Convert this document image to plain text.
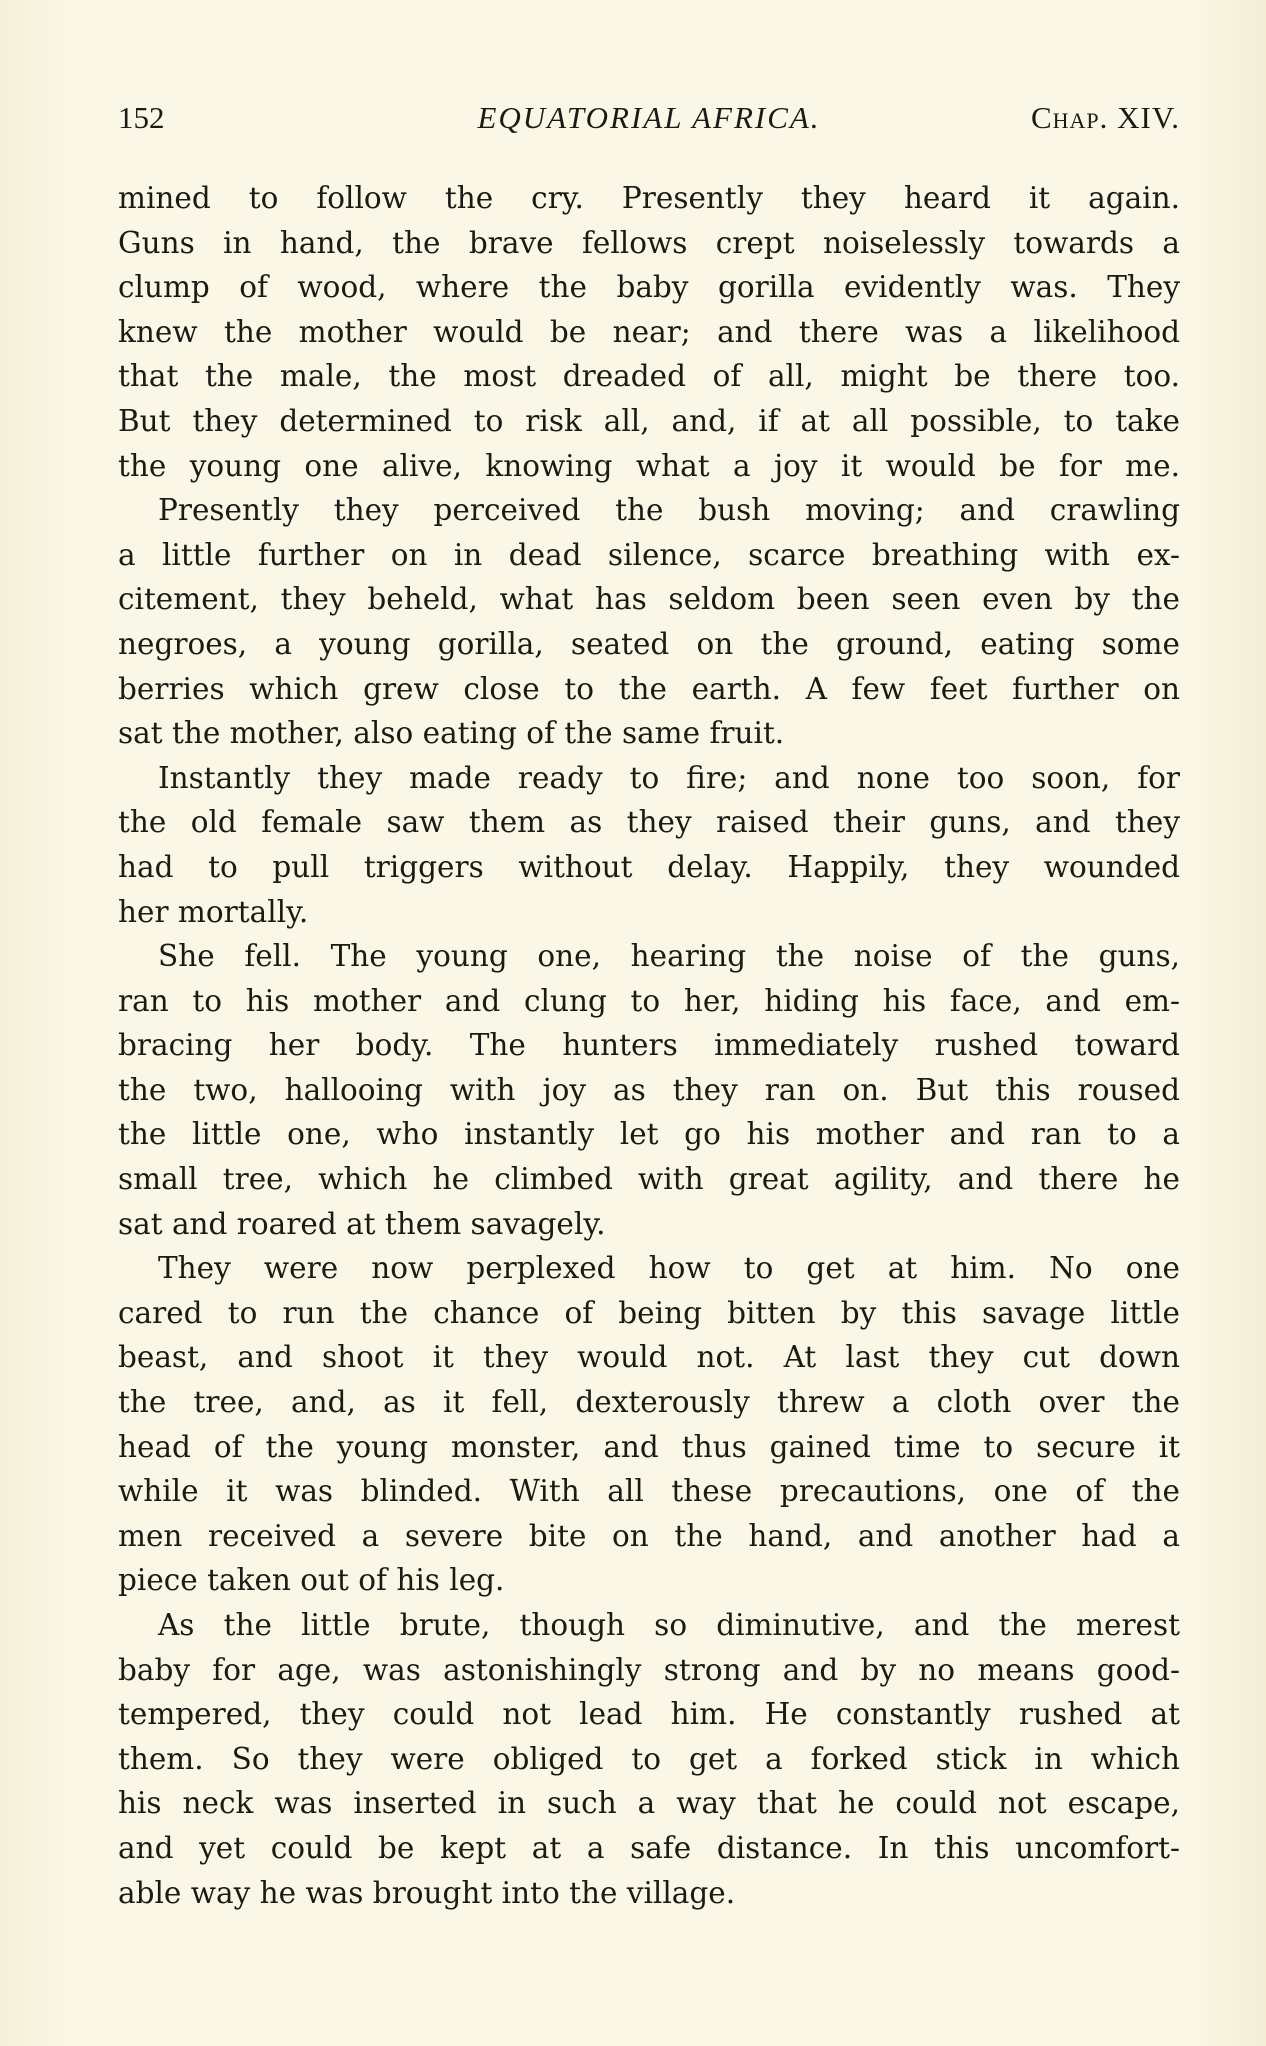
152	EQUATORIAL AFRICA.	Chap. XIV.
mined to follow the cry. Presently they heard it again.
Guns in hand, the brave fellows crept noiselessly towards a
clump of wood, where the baby gorilla evidently was. They
knew the mother would be near; and there was a likelihood
that the male, the most dreaded of all, might be there too.
But they determined to risk all, and, if at all possible, to take
the young one alive, knowing what a joy it would be for me.
Presently they perceived the bush moving; and crawling
a little further on in dead silence, scarce breathing with ex-
citement, they beheld, what has seldom been seen even by the
negroes, a young gorilla, seated on the ground, eating some
berries which grew close to the earth. A few feet further on
sat the mother, also eating of the same fruit.
Instantly they made ready to fire; and none too soon, for
the old female saw them as they raised their guns, and they
had to pull triggers without delay. Happily, they wounded
her mortally.
She fell. The young one, hearing the noise of the guns,
ran to his mother and clung to her, hiding his face, and em-
bracing her body. The hunters immediately rushed toward
the two, hallooing with joy as they ran on. But this roused
the little one, who instantly let go his mother and ran to a
small tree, which he climbed with great agility, and there he
sat and roared at them savagely.
They were now perplexed how to get at him. No one
cared to run the chance of being bitten by this savage little
beast, and shoot it they would not. At last they cut down
the tree, and, as it fell, dexterously threw a cloth over the
head of the young monster, and thus gained time to secure it
while it was blinded. With all these precautions, one of the
men received a severe bite on the hand, and another had a
piece taken out of his leg.
As the little brute, though so diminutive, and the merest
baby for age, was astonishingly strong and by no means good-
tempered, they could not lead him. He constantly rushed at
them. So they were obliged to get a forked stick in which
his neck was inserted in such a way that he could not escape,
and yet could be kept at a safe distance. In this uncomfort-
able way he was brought into the village.
